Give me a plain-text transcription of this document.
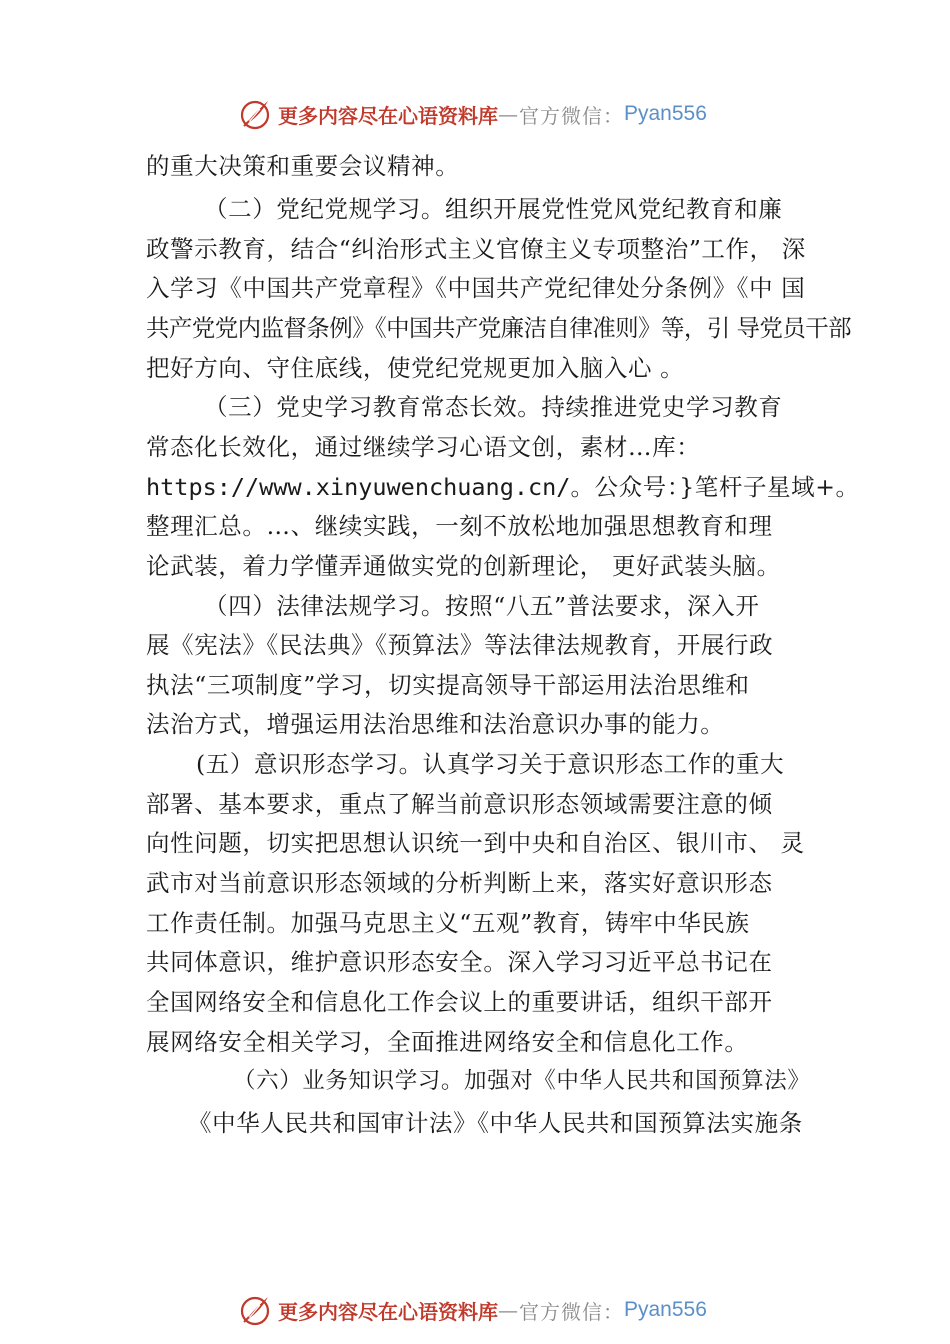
更多内容尽在心语资料库 — 官方微信： Pyan556
的重大决策和重要会议精神。
（二）党纪党规学习。组织开展党性党风党纪教育和廉
政警示教育，结合“纠治形式主义官僚主义专项整治”工作， 深
入学习《中国共产党章程》《中国共产党纪律处分条例》《中 国
共产党党内监督条例》《中国共产党廉洁自律准则》等，引 导党员干部
把好方向、守住底线，使党纪党规更加入脑入心 。
（三）党史学习教育常态长效。持续推进党史学习教育
常态化长效化，通过继续学习心语文创，素材…库：
https://www.xinyuwenchuang.cn/。公众号：}笔杆子星域+。
整理汇总。…、继续实践，一刻不放松地加强思想教育和理
论武装，着力学懂弄通做实党的创新理论， 更好武装头脑。
（四）法律法规学习。按照“八五”普法要求，深入开
展《宪法》《民法典》《预算法》等法律法规教育，开展行政
执法“三项制度”学习，切实提高领导干部运用法治思维和
法治方式，增强运用法治思维和法治意识办事的能力。
(五）意识形态学习。认真学习关于意识形态工作的重大
部署、基本要求，重点了解当前意识形态领域需要注意的倾
向性问题，切实把思想认识统一到中央和自治区、银川市、 灵
武市对当前意识形态领域的分析判断上来，落实好意识形态
工作责任制。加强马克思主义“五观”教育，铸牢中华民族
共同体意识，维护意识形态安全。深入学习习近平总书记在
全国网络安全和信息化工作会议上的重要讲话，组织干部开
展网络安全相关学习，全面推进网络安全和信息化工作。
（六）业务知识学习。加强对《中华人民共和国预算法》
《中华人民共和国审计法》《中华人民共和国预算法实施条
更多内容尽在心语资料库 — 官方微信： Pyan556
